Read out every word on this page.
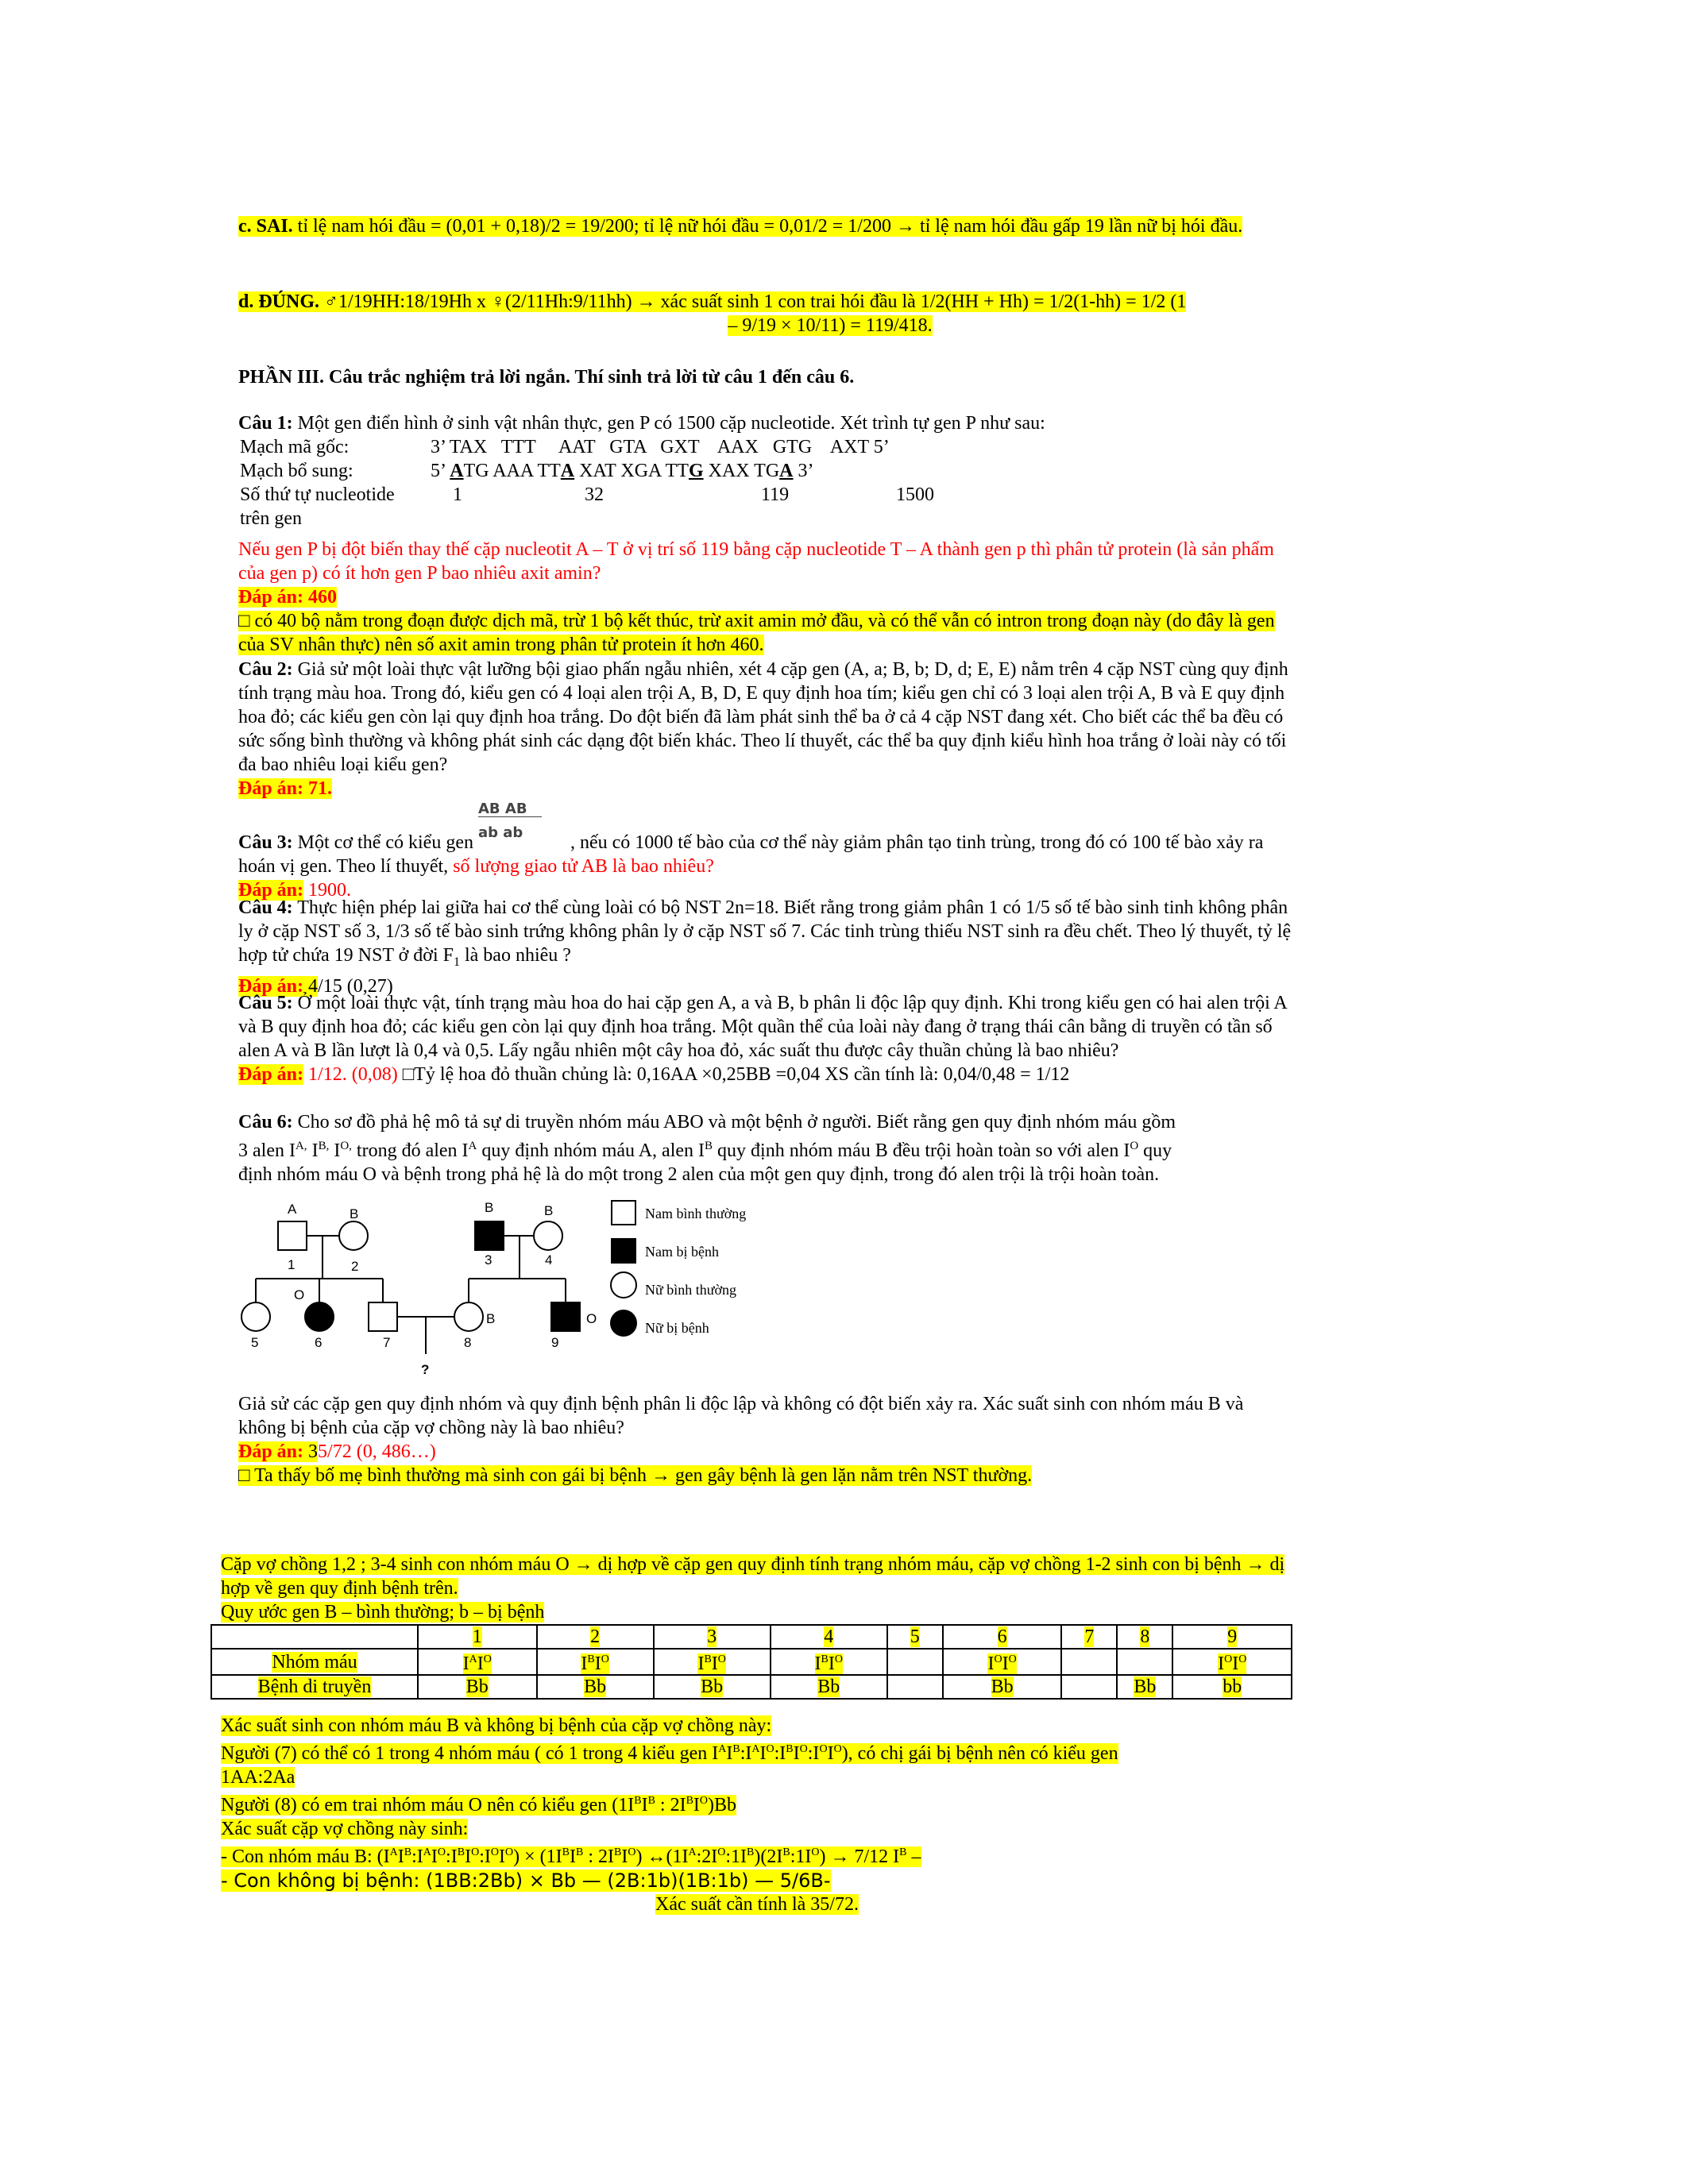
c. SAI. tỉ lệ nam hói đầu = (0,01 + 0,18)/2 = 19/200; tỉ lệ nữ hói đầu = 0,01/2 = 1/200 → tỉ lệ nam hói đầu gấp 19 lần nữ bị hói đầu.

d. ĐÚNG. ♂1/19HH:18/19Hh x ♀(2/11Hh:9/11hh) → xác suất sinh 1 con trai hói đầu là 1/2(HH + Hh) = 1/2(1-hh) = 1/2 (1

– 9/19 × 10/11) = 119/418.

PHẦN III. Câu trắc nghiệm trả lời ngắn. Thí sinh trả lời từ câu 1 đến câu 6.

Câu 1: Một gen điển hình ở sinh vật nhân thực, gen P có 1500 cặp nucleotide. Xét trình tự gen P như sau:

Mạch mã gốc:	3’ TAX   TTT     AAT   GTA   GXT    AAX   GTG    AXT 5’
Mạch bổ sung:	5’ ATG AAA TTA XAT XGA TTG XAX TGA 3’
Số thứ tự nucleotide
trên gen
1	32	119	1500

Nếu gen P bị đột biến thay thế cặp nucleotit A – T ở vị trí số 119 bằng cặp nucleotide T – A thành gen p thì phân tử protein (là sản phẩm của gen p) có ít hơn gen P bao nhiêu axit amin?

Đáp án: 460

□ có 40 bộ nằm trong đoạn được dịch mã, trừ 1 bộ kết thúc, trừ axit amin mở đầu, và có thể vẫn có intron trong đoạn này (do đây là gen của SV nhân thực) nên số axit amin trong phân tử protein ít hơn 460.

Câu 2: Giả sử một loài thực vật lưỡng bội giao phấn ngẫu nhiên, xét 4 cặp gen (A, a; B, b; D, d; E, E) nằm trên 4 cặp NST cùng quy định tính trạng màu hoa. Trong đó, kiểu gen có 4 loại alen trội A, B, D, E quy định hoa tím; kiểu gen chỉ có 3 loại alen trội A, B và E quy định hoa đỏ; các kiểu gen còn lại quy định hoa trắng. Do đột biến đã làm phát sinh thể ba ở cả 4 cặp NST đang xét. Cho biết các thể ba đều có sức sống bình thường và không phát sinh các dạng đột biến khác. Theo lí thuyết, các thể ba quy định kiểu hình hoa trắng ở loài này có tối đa bao nhiêu loại kiểu gen?

Đáp án: 71.

Câu 3: Một cơ thể có kiểu gen $\frac{\text{AB AB}}{\text{ab ab}}$ , nếu có 1000 tế bào của cơ thể này giảm phân tạo tinh trùng, trong đó có 100 tế bào xảy ra hoán vị gen. Theo lí thuyết, số lượng giao tử AB là bao nhiêu?

Đáp án: 1900.

Câu 4: Thực hiện phép lai giữa hai cơ thể cùng loài có bộ NST 2n=18. Biết rằng trong giảm phân 1 có 1/5 số tế bào sinh tinh không phân ly ở cặp NST số 3, 1/3 số tế bào sinh trứng không phân ly ở cặp NST số 7. Các tinh trùng thiếu NST sinh ra đều chết. Theo lý thuyết, tỷ lệ hợp tử chứa 19 NST ở đời $F_1$ là bao nhiêu ?

Đáp án: 4/15 (0,27)

Câu 5: Ở một loài thực vật, tính trạng màu hoa do hai cặp gen A, a và B, b phân li độc lập quy định. Khi trong kiểu gen có hai alen trội A và B quy định hoa đỏ; các kiểu gen còn lại quy định hoa trắng. Một quần thể của loài này đang ở trạng thái cân bằng di truyền có tần số alen A và B lần lượt là 0,4 và 0,5. Lấy ngẫu nhiên một cây hoa đỏ, xác suất thu được cây thuần chủng là bao nhiêu?

Đáp án: 1/12. (0,08) □Tỷ lệ hoa đỏ thuần chủng là: 0,16AA ×0,25BB =0,04 XS cần tính là: 0,04/0,48 = 1/12

Câu 6: Cho sơ đồ phả hệ mô tả sự di truyền nhóm máu ABO và một bệnh ở người. Biết rằng gen quy định nhóm máu gồm

3 alen $I^{A,}$ $I^{B,}$ $I^{O,}$ trong đó alen $I^A$ quy định nhóm máu A, alen $I^B$ quy định nhóm máu B đều trội hoàn toàn so với alen $I^O$ quy

định nhóm máu O và bệnh trong phả hệ là do một trong 2 alen của một gen quy định, trong đó alen trội là trội hoàn toàn.

A	B	B	B
1	2	3	4
O
B	O
5	6	7	8	9
?
Nam bình thường
Nam bị bệnh
Nữ bình thường
Nữ bị bệnh

Giả sử các cặp gen quy định nhóm và quy định bệnh phân li độc lập và không có đột biến xảy ra. Xác suất sinh con nhóm máu B và không bị bệnh của cặp vợ chồng này là bao nhiêu?

Đáp án: 35/72 (0, 486…)

□ Ta thấy bố mẹ bình thường mà sinh con gái bị bệnh → gen gây bệnh là gen lặn nằm trên NST thường.

Cặp vợ chồng 1,2 ; 3-4 sinh con nhóm máu O → dị hợp về cặp gen quy định tính trạng nhóm máu, cặp vợ chồng 1-2 sinh con bị bệnh → dị hợp về gen quy định bệnh trên.

Quy ước gen B – bình thường; b – bị bệnh

	1	2	3	4	5	6	7	8	9
Nhóm máu	$I^AI^O$	$I^BI^O$	$I^BI^O$	$I^BI^O$		$I^OI^O$			$I^OI^O$
Bệnh di truyền	Bb	Bb	Bb	Bb		Bb		Bb	bb

Xác suất sinh con nhóm máu B và không bị bệnh của cặp vợ chồng này:

Người (7) có thể có 1 trong 4 nhóm máu ( có 1 trong 4 kiểu gen $I^AI^B:I^AI^O:I^BI^O:I^OI^O$), có chị gái bị bệnh nên có kiểu gen

1AA:2Aa

Người (8) có em trai nhóm máu O nên có kiểu gen ($1I^BI^B$ : $2I^BI^O)Bb$

Xác suất cặp vợ chồng này sinh:

- Con nhóm máu B: $(I^AI^B:I^AI^O:I^BI^O:I^OI^O) \times (1I^BI^B$ : $2I^BI^O$) $\leftrightarrow(1I^A:2I^O:1I^B)(2I^B:1I^O) \to 7/12$ $I^B$ –

- Con không bị bệnh: (1BB:2Bb) × Bb — (2B:1b)(1B:1b) — 5/6B-

Xác suất cần tính là 35/72.
